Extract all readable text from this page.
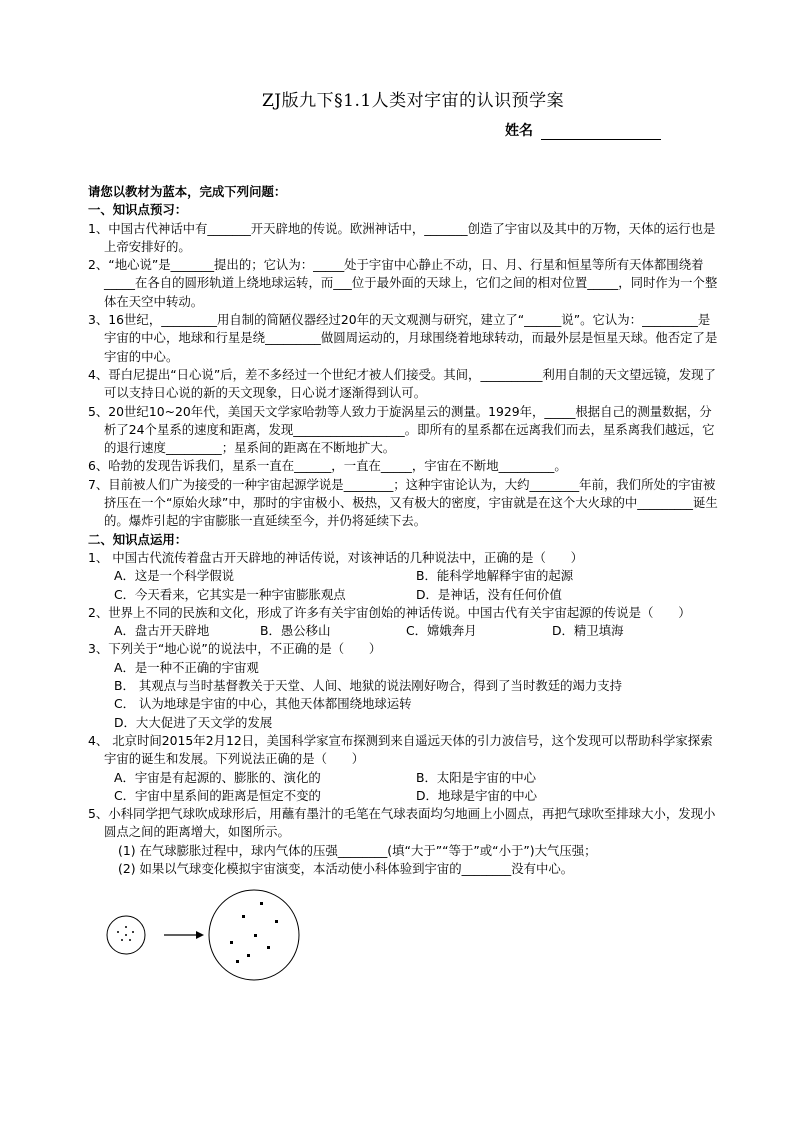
ZJ版九下§1.1人类对宇宙的认识预学案
姓名

请您以教材为蓝本，完成下列问题：

一、知识点预习：

1、中国古代神话中有_______开天辟地的传说。欧洲神话中，_______创造了宇宙以及其中的万物，天体的运行也是上帝安排好的。

2、“地心说”是_______提出的；它认为：_____处于宇宙中心静止不动，日、月、行星和恒星等所有天体都围绕着_____在各自的圆形轨道上绕地球运转，而___位于最外面的天球上，它们之间的相对位置_____，同时作为一个整体在天空中转动。

3、16世纪，_________用自制的简陋仪器经过20年的天文观测与研究，建立了“______说”。它认为：_________是宇宙的中心，地球和行星是绕_________做圆周运动的，月球围绕着地球转动，而最外层是恒星天球。他否定了是宇宙的中心。

4、哥白尼提出“日心说”后，差不多经过一个世纪才被人们接受。其间，__________利用自制的天文望远镜，发现了可以支持日心说的新的天文现象，日心说才逐渐得到认可。

5、20世纪10~20年代，美国天文学家哈勃等人致力于旋涡星云的测量。1929年，_____根据自己的测量数据，分析了24个星系的速度和距离，发现__________________。即所有的星系都在远离我们而去，星系离我们越远，它的退行速度_________；星系间的距离在不断地扩大。

6、哈勃的发现告诉我们，星系一直在______，一直在_____，宇宙在不断地_________。

7、目前被人们广为接受的一种宇宙起源学说是________；这种宇宙论认为，大约________年前，我们所处的宇宙被挤压在一个“原始火球”中，那时的宇宙极小、极热，又有极大的密度，宇宙就是在这个大火球的中_________诞生的。爆炸引起的宇宙膨胀一直延续至今，并仍将延续下去。

二、知识点运用：

1、 中国古代流传着盘古开天辟地的神话传说，对该神话的几种说法中，正确的是（　　）

A．这是一个科学假说	B．能科学地解释宇宙的起源
C．今天看来，它其实是一种宇宙膨胀观点	D．是神话，没有任何价值

2、世界上不同的民族和文化，形成了许多有关宇宙创始的神话传说。中国古代有关宇宙起源的传说是（　　）

A．盘古开天辟地	B．愚公移山	C．嫦娥奔月	D．精卫填海

3、下列关于“地心说”的说法中，不正确的是（　　）

A．是一种不正确的宇宙观

B． 其观点与当时基督教关于天堂、人间、地狱的说法刚好吻合，得到了当时教廷的竭力支持

C． 认为地球是宇宙的中心，其他天体都围绕地球运转

D．大大促进了天文学的发展

4、 北京时间2015年2月12日，美国科学家宣布探测到来自遥远天体的引力波信号，这个发现可以帮助科学家探索宇宙的诞生和发展。下列说法正确的是（　　）

A．宇宙是有起源的、膨胀的、演化的	B．太阳是宇宙的中心
C．宇宙中星系间的距离是恒定不变的	D．地球是宇宙的中心

5、小科同学把气球吹成球形后，用蘸有墨汁的毛笔在气球表面均匀地画上小圆点，再把气球吹至排球大小，发现小圆点之间的距离增大，如图所示。

(1) 在气球膨胀过程中，球内气体的压强________(填“大于”“等于”或“小于”)大气压强；

(2) 如果以气球变化模拟宇宙演变，本活动使小科体验到宇宙的________没有中心。
